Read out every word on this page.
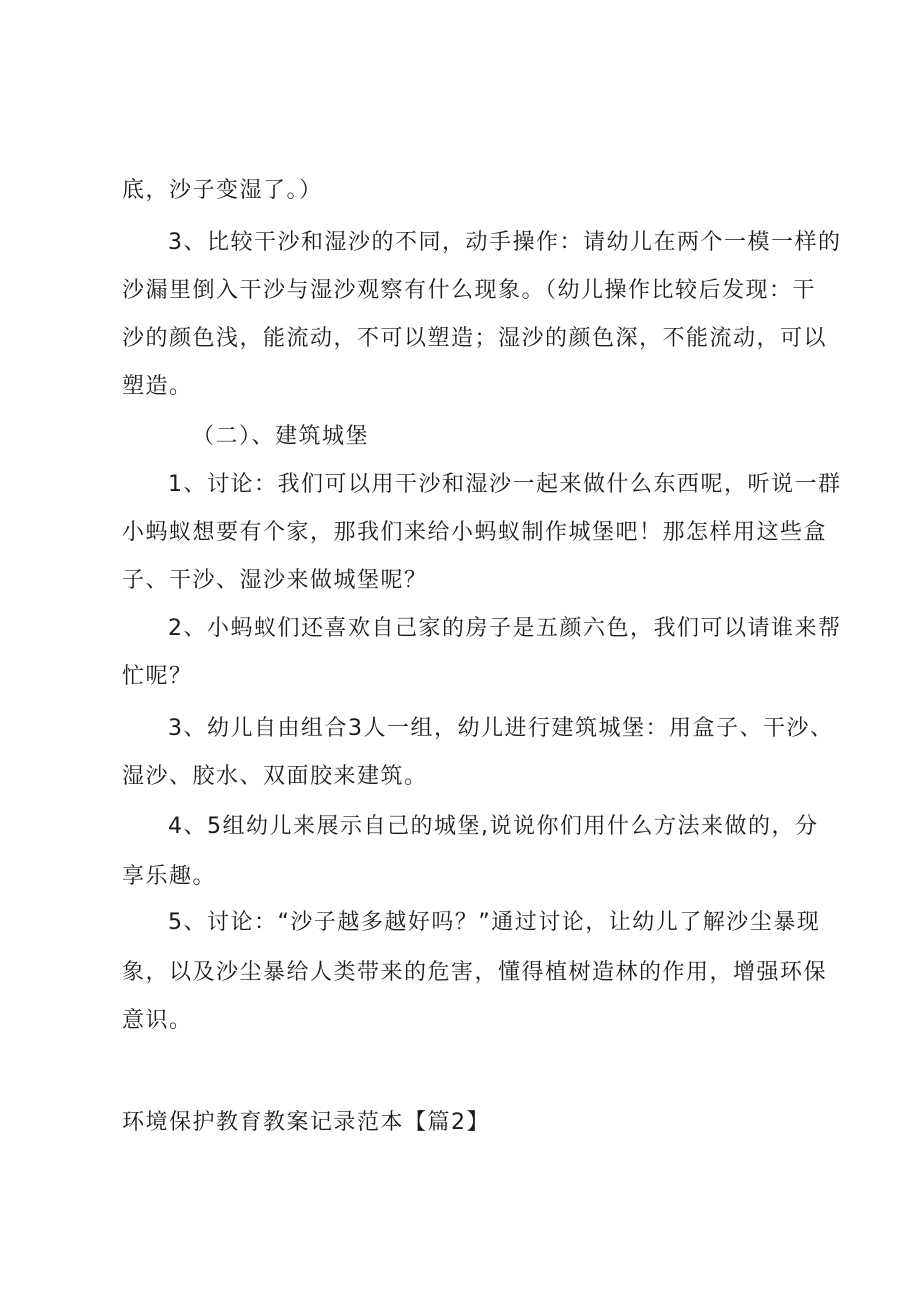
底，沙子变湿了。）
3、比较干沙和湿沙的不同，动手操作：请幼儿在两个一模一样的
沙漏里倒入干沙与湿沙观察有什么现象。（幼儿操作比较后发现：干
沙的颜色浅，能流动，不可以塑造；湿沙的颜色深，不能流动，可以
塑造。
（二）、建筑城堡
1、讨论：我们可以用干沙和湿沙一起来做什么东西呢，听说一群
小蚂蚁想要有个家，那我们来给小蚂蚁制作城堡吧！那怎样用这些盒
子、干沙、湿沙来做城堡呢？
2、小蚂蚁们还喜欢自己家的房子是五颜六色，我们可以请谁来帮
忙呢？
3、幼儿自由组合3人一组，幼儿进行建筑城堡：用盒子、干沙、
湿沙、胶水、双面胶来建筑。
4、5组幼儿来展示自己的城堡,说说你们用什么方法来做的，分
享乐趣。
5、讨论：“沙子越多越好吗？”通过讨论，让幼儿了解沙尘暴现
象，以及沙尘暴给人类带来的危害，懂得植树造林的作用，增强环保
意识。
环境保护教育教案记录范本【篇2】
